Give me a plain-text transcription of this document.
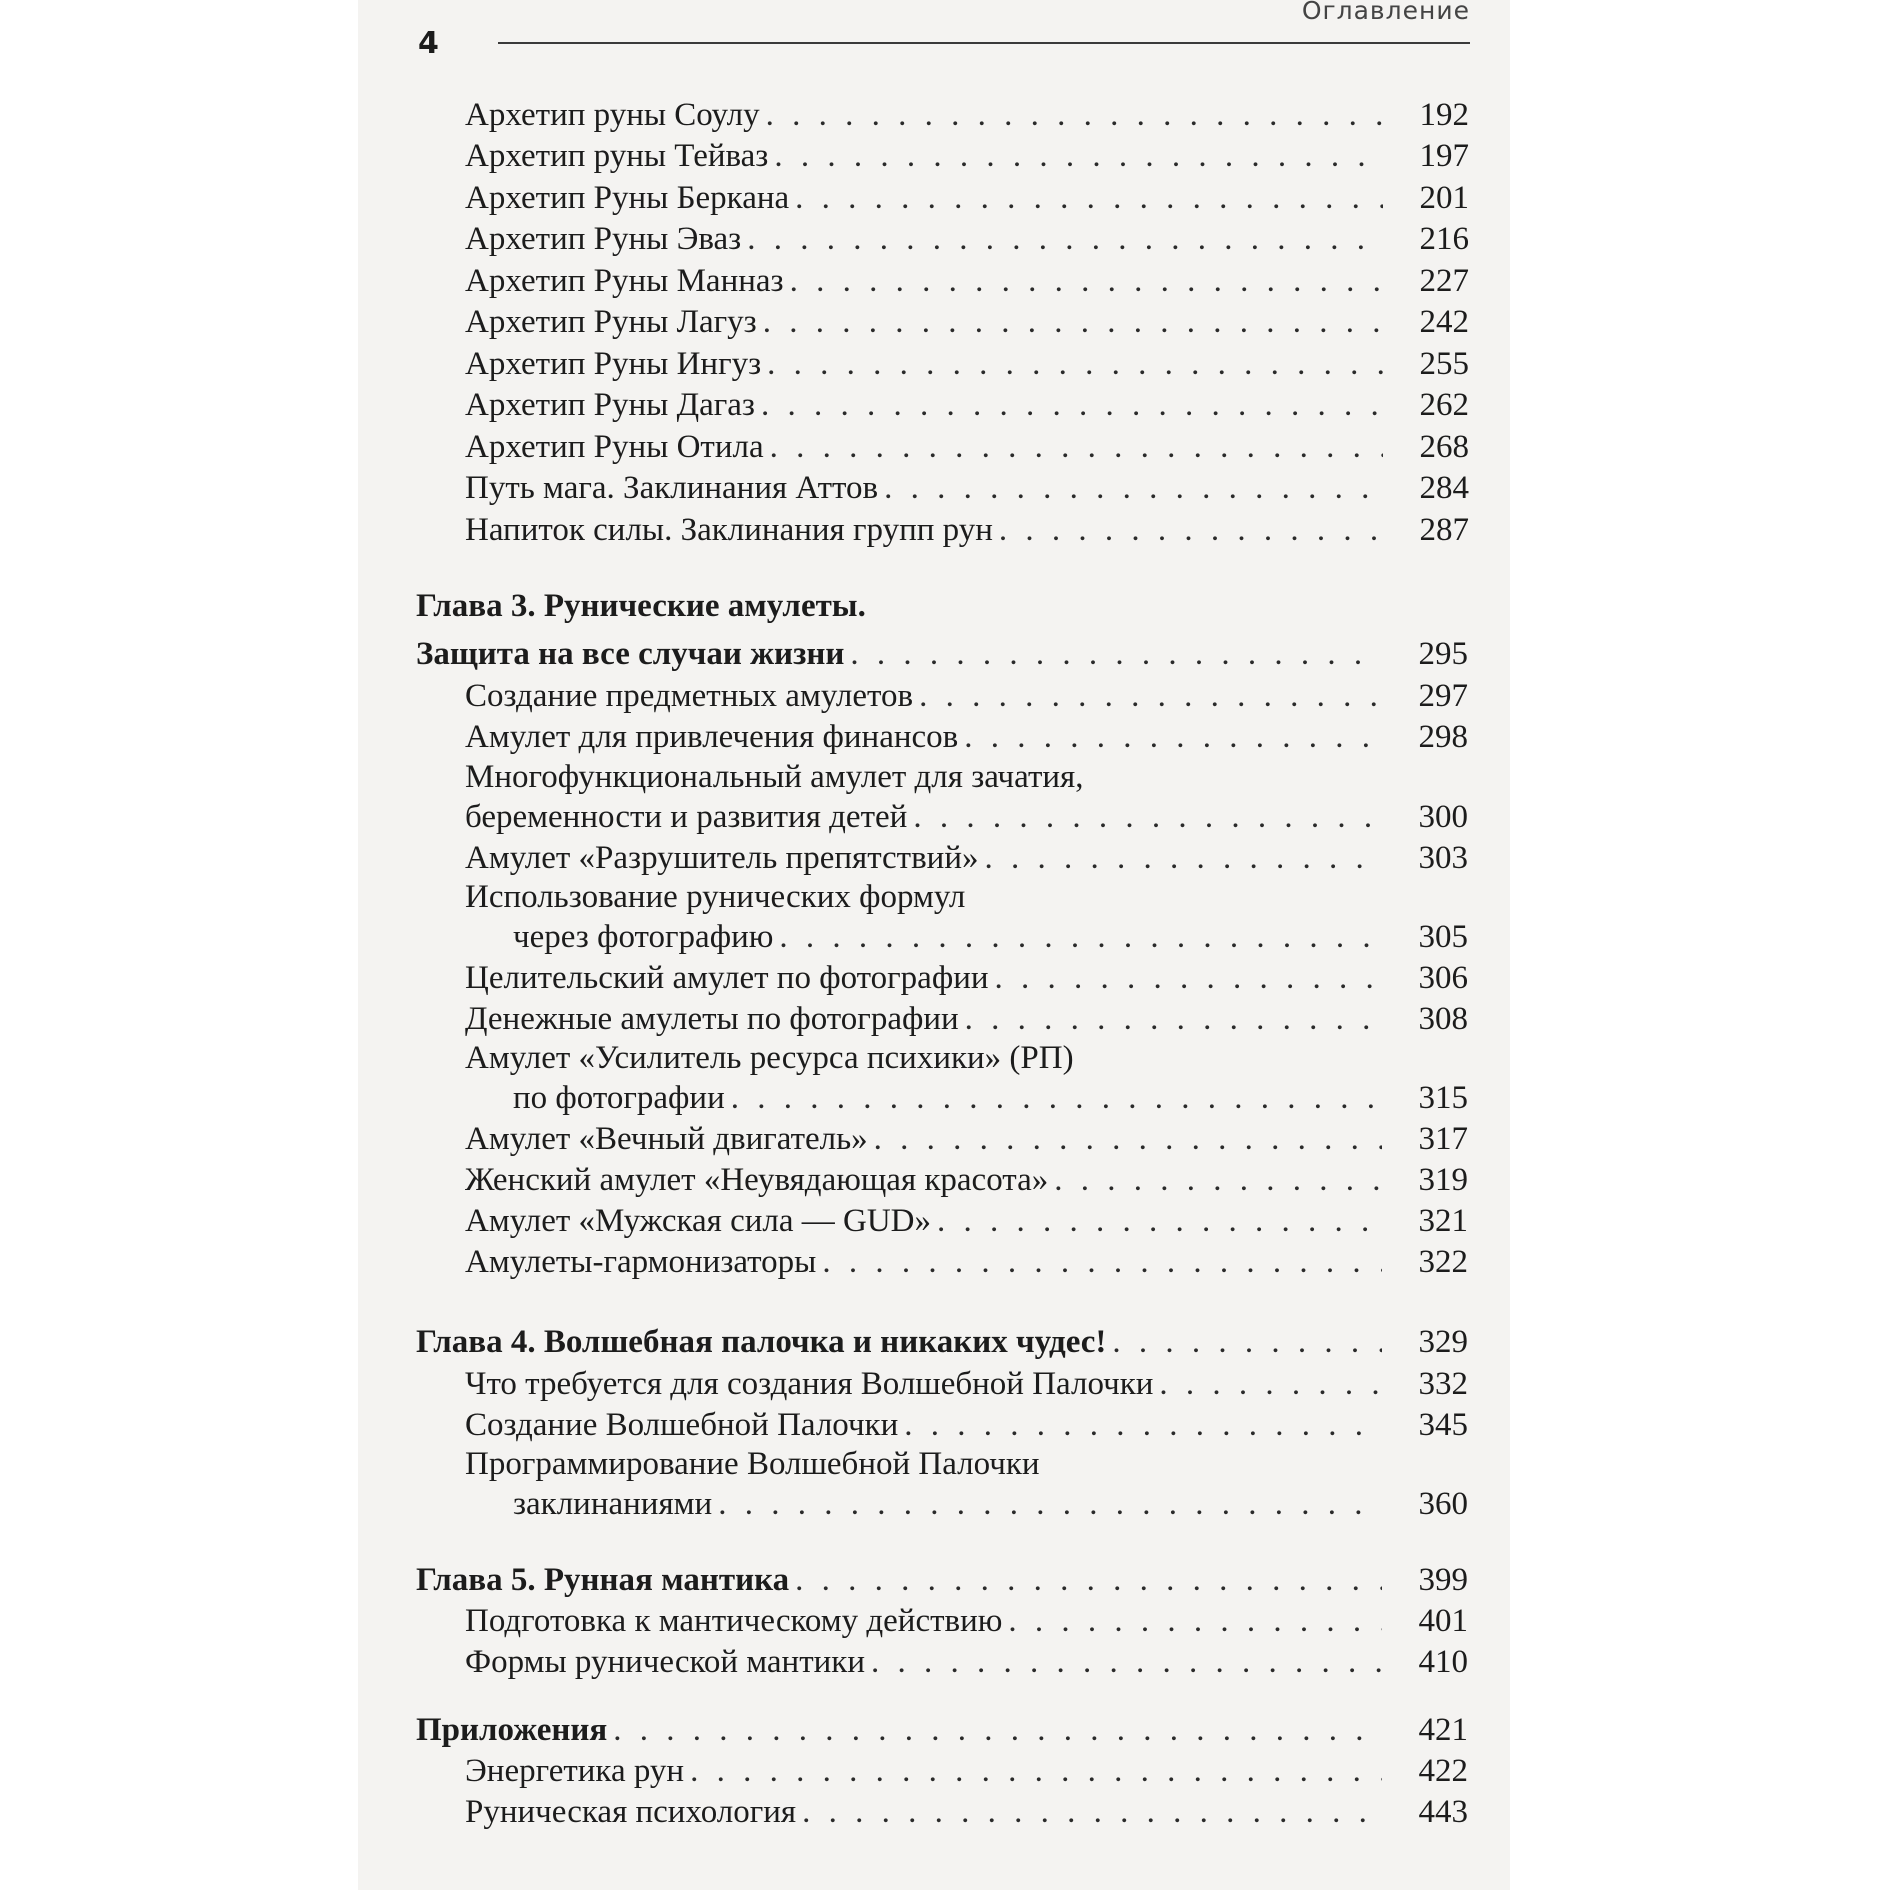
4
Оглавление
Архетип руны Соулу . . .	192
Архетип руны Тейваз . . .	197
Архетип Руны Беркана . . .	201
Архетип Руны Эваз . . .	216
Архетип Руны Манназ . . .	227
Архетип Руны Лагуз . . .	242
Архетип Руны Ингуз . . .	255
Архетип Руны Дагаз . . .	262
Архетип Руны Отила . . .	268
Путь мага. Заклинания Аттов . . .	284
Напиток силы. Заклинания групп рун . . .	287
Глава 3. Рунические амулеты.
Защита на все случаи жизни . . .	295
Создание предметных амулетов . . .	297
Амулет для привлечения финансов . . .	298
Многофункциональный амулет для зачатия,
беременности и развития детей . . .	300
Амулет «Разрушитель препятствий» . . .	303
Использование рунических формул
через фотографию . . .	305
Целительский амулет по фотографии . . .	306
Денежные амулеты по фотографии . . .	308
Амулет «Усилитель ресурса психики» (РП)
по фотографии . . .	315
Амулет «Вечный двигатель» . . .	317
Женский амулет «Неувядающая красота» . . .	319
Амулет «Мужская сила — GUD» . . .	321
Амулеты-гармонизаторы . . .	322
Глава 4. Волшебная палочка и никаких чудес! . . .	329
Что требуется для создания Волшебной Палочки . . .	332
Создание Волшебной Палочки . . .	345
Программирование Волшебной Палочки
заклинаниями . . .	360
Глава 5. Рунная мантика . . .	399
Подготовка к мантическому действию . . .	401
Формы рунической мантики . . .	410
Приложения . . .	421
Энергетика рун . . .	422
Руническая психология . . .	443
